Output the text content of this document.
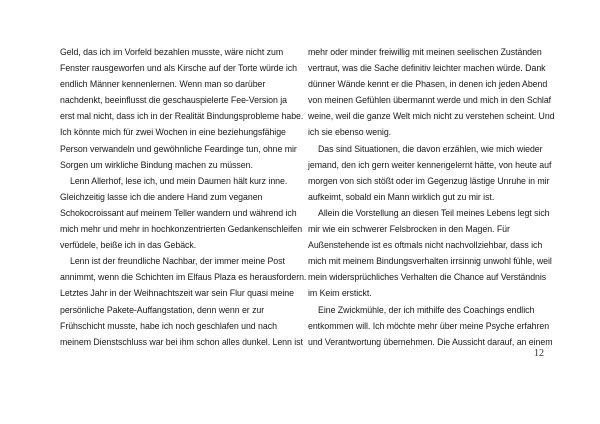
Geld, das ich im Vorfeld bezahlen musste, wäre nicht zum
Fenster rausgeworfen und als Kirsche auf der Torte würde ich
endlich Männer kennenlernen. Wenn man so darüber
nachdenkt, beeinflusst die geschauspielerte Fee-Version ja
erst mal nicht, dass ich in der Realität Bindungsprobleme habe.
Ich könnte mich für zwei Wochen in eine beziehungsfähige
Person verwandeln und gewöhnliche Feardinge tun, ohne mir
Sorgen um wirkliche Bindung machen zu müssen.
Lenn Allerhof, lese ich, und mein Daumen hält kurz inne.
Gleichzeitig lasse ich die andere Hand zum veganen
Schokocroissant auf meinem Teller wandern und während ich
mich mehr und mehr in hochkonzentrierten Gedankenschleifen
verfüdele, beiße ich in das Gebäck.
Lenn ist der freundliche Nachbar, der immer meine Post
annimmt, wenn die Schichten im Elfaus Plaza es herausfordern.
Letztes Jahr in der Weihnachtszeit war sein Flur quasi meine
persönliche Pakete-Auffangstation, denn wenn er zur
Frühschicht musste, habe ich noch geschlafen und nach
meinem Dienstschluss war bei ihm schon alles dunkel. Lenn ist
mehr oder minder freiwillig mit meinen seelischen Zuständen
vertraut, was die Sache definitiv leichter machen würde. Dank
dünner Wände kennt er die Phasen, in denen ich jeden Abend
von meinen Gefühlen übermannt werde und mich in den Schlaf
weine, weil die ganze Welt mich nicht zu verstehen scheint. Und
ich sie ebenso wenig.
Das sind Situationen, die davon erzählen, wie mich wieder
jemand, den ich gern weiter kennengelernt hätte, von heute auf
morgen von sich stößt oder im Gegenzug lästige Unruhe in mir
aufkeimt, sobald ein Mann wirklich gut zu mir ist.
Allein die Vorstellung an diesen Teil meines Lebens legt sich
mir wie ein schwerer Felsbrocken in den Magen. Für
Außenstehende ist es oftmals nicht nachvollziehbar, dass ich
mich mit meinem Bindungsverhalten irrsinnig unwohl fühle, weil
mein widersprüchliches Verhalten die Chance auf Verständnis
im Keim erstickt.
Eine Zwickmühle, der ich mithilfe des Coachings endlich
entkommen will. Ich möchte mehr über meine Psyche erfahren
und Verantwortung übernehmen. Die Aussicht darauf, an einem
12
